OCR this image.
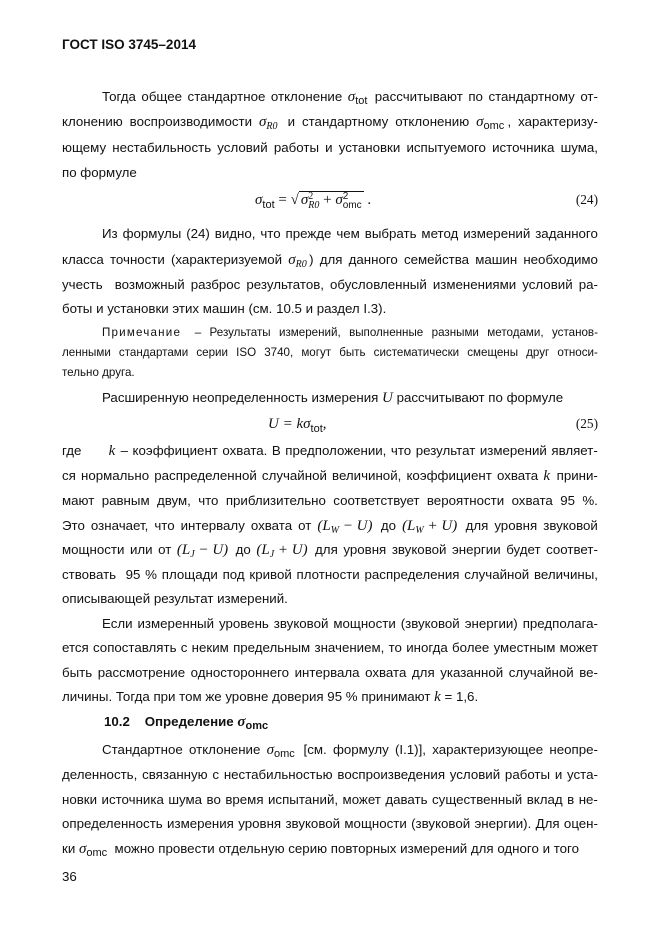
ГОСТ ISO 3745–2014
Тогда общее стандартное отклонение $\sigma_{tot}$
рассчитывают по стандартному от-
клонению воспроизводимости $\sigma_{R0}$
и стандартному отклонению $\sigma_{omc}$ , характеризу-
ющему нестабильность условий работы и установки испытуемого источника шума,
по формуле
Из формулы (24) видно, что прежде чем выбрать метод измерений заданного
класса точности (характеризуемой $\sigma_{R0}$ ) для данного семейства машин необходимо
учесть
возможный разброс результатов, обусловленный изменениями условий ра-
боты и установки этих машин (см. 10.5 и раздел I.3).
Примечание
– Результаты измерений, выполненные разными методами, установ-
ленными стандартами серии ISO 3740, могут быть систематически смещены друг относи-
тельно друга.
Расширенную неопределенность измерения U
рассчитывают по формуле
где

k
– коэффициент охвата. В предположении, что результат измерений являет-
ся нормально распределенной случайной величиной, коэффициент охвата k
прини-
мают равным двум, что приблизительно соответствует вероятности охвата 95 %.
Это означает, что интервалу охвата от $(L_W - U)$
до $(L_W + U)$
для уровня звуковой
мощности или от $(L_J - U)$
до $(L_J + U)$
для уровня звуковой энергии будет соответ-
ствовать
95 % площади под кривой плотности распределения случайной величины,
описывающей результат измерений.
Если измеренный уровень звуковой мощности (звуковой энергии) предполага-
ется сопоставлять с неким предельным значением, то иногда более уместным может
быть рассмотрение одностороннего интервала охвата для указанной случайной ве-
личины. Тогда при том же уровне доверия 95 % принимают k
= 1,6.
10.2

Определение $\sigma_{omc}$
Стандартное отклонение $\sigma_{omc}$
[см. формулу (I.1)], характеризующее неопре-
деленность, связанную с нестабильностью воспроизведения условий работы и уста-
новки источника шума во время испытаний, может давать существенный вклад в не-
определенность измерения уровня звуковой мощности (звуковой энергии). Для оцен-
ки $\sigma_{omc}$

можно провести отдельную серию повторных измерений для одного и того
$\sigma_{tot}$ = √ σ 2
R0 + σ 2
omc .	(24)
$U = k\sigma_{tot}$,	(25)
36
